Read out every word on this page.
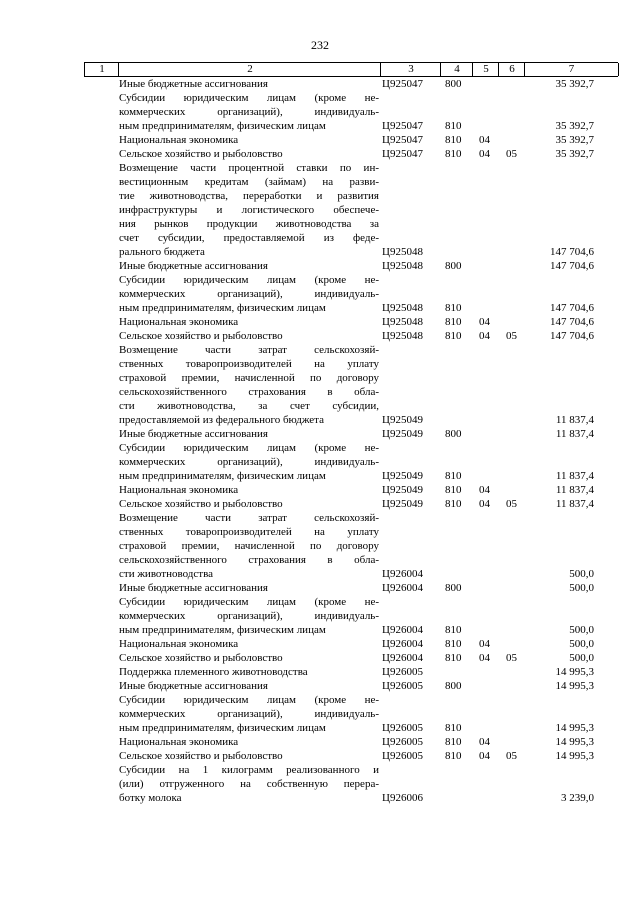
232
1	2	3	4	5	6	7
Иные бюджетные ассигнования	Ц925047 800	35 392,7
Субсидии юридическим лицам (кроме не-
коммерческих организаций), индивидуаль-
ным предпринимателям, физическим лицам	Ц925047 810	35 392,7
Национальная экономика	Ц925047 810 04	35 392,7
Сельское хозяйство и рыболовство	Ц925047 810 04 05	35 392,7
Возмещение части процентной ставки по ин-
вестиционным кредитам (займам) на разви-
тие животноводства, переработки и развития
инфраструктуры и логистического обеспече-
ния рынков продукции животноводства за
счет субсидии, предоставляемой из феде-
рального бюджета	Ц925048	147 704,6
Иные бюджетные ассигнования	Ц925048 800	147 704,6
Субсидии юридическим лицам (кроме не-
коммерческих организаций), индивидуаль-
ным предпринимателям, физическим лицам	Ц925048 810	147 704,6
Национальная экономика	Ц925048 810 04	147 704,6
Сельское хозяйство и рыболовство	Ц925048 810 04 05	147 704,6
Возмещение части затрат сельскохозяй-
ственных товаропроизводителей на уплату
страховой премии, начисленной по договору
сельскохозяйственного страхования в обла-
сти животноводства, за счет субсидии,
предоставляемой из федерального бюджета	Ц925049	11 837,4
Иные бюджетные ассигнования	Ц925049 800	11 837,4
Субсидии юридическим лицам (кроме не-
коммерческих организаций), индивидуаль-
ным предпринимателям, физическим лицам	Ц925049 810	11 837,4
Национальная экономика	Ц925049 810 04	11 837,4
Сельское хозяйство и рыболовство	Ц925049 810 04 05	11 837,4
Возмещение части затрат сельскохозяй-
ственных товаропроизводителей на уплату
страховой премии, начисленной по договору
сельскохозяйственного страхования в обла-
сти животноводства	Ц926004	500,0
Иные бюджетные ассигнования	Ц926004 800	500,0
Субсидии юридическим лицам (кроме не-
коммерческих организаций), индивидуаль-
ным предпринимателям, физическим лицам	Ц926004 810	500,0
Национальная экономика	Ц926004 810 04	500,0
Сельское хозяйство и рыболовство	Ц926004 810 04 05	500,0
Поддержка племенного животноводства	Ц926005	14 995,3
Иные бюджетные ассигнования	Ц926005 800	14 995,3
Субсидии юридическим лицам (кроме не-
коммерческих организаций), индивидуаль-
ным предпринимателям, физическим лицам	Ц926005 810	14 995,3
Национальная экономика	Ц926005 810 04	14 995,3
Сельское хозяйство и рыболовство	Ц926005 810 04 05	14 995,3
Субсидии на 1 килограмм реализованного и
(или) отгруженного на собственную перера-
ботку молока	Ц926006	3 239,0
